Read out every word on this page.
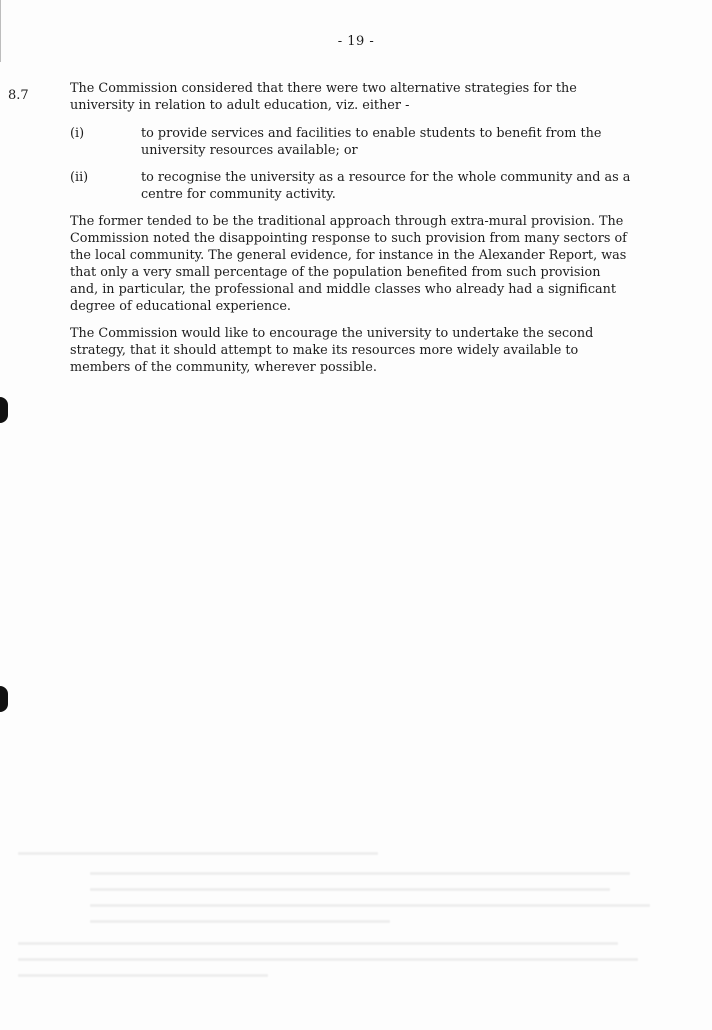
- 19 -
8.7	The Commission considered that there were two alternative strategies for the university in relation to adult education, viz. either -
(i)	to provide services and facilities to enable students to benefit from the university resources available; or
(ii)	to recognise the university as a resource for the whole community and as a centre for community activity.
The former tended to be the traditional approach through extra-mural provision. The Commission noted the disappointing response to such provision from many sectors of the local community. The general evidence, for instance in the Alexander Report, was that only a very small percentage of the population benefited from such provision and, in particular, the professional and middle classes who already had a significant degree of educational experience.
The Commission would like to encourage the university to undertake the second strategy, that it should attempt to make its resources more widely available to members of the community, wherever possible.
